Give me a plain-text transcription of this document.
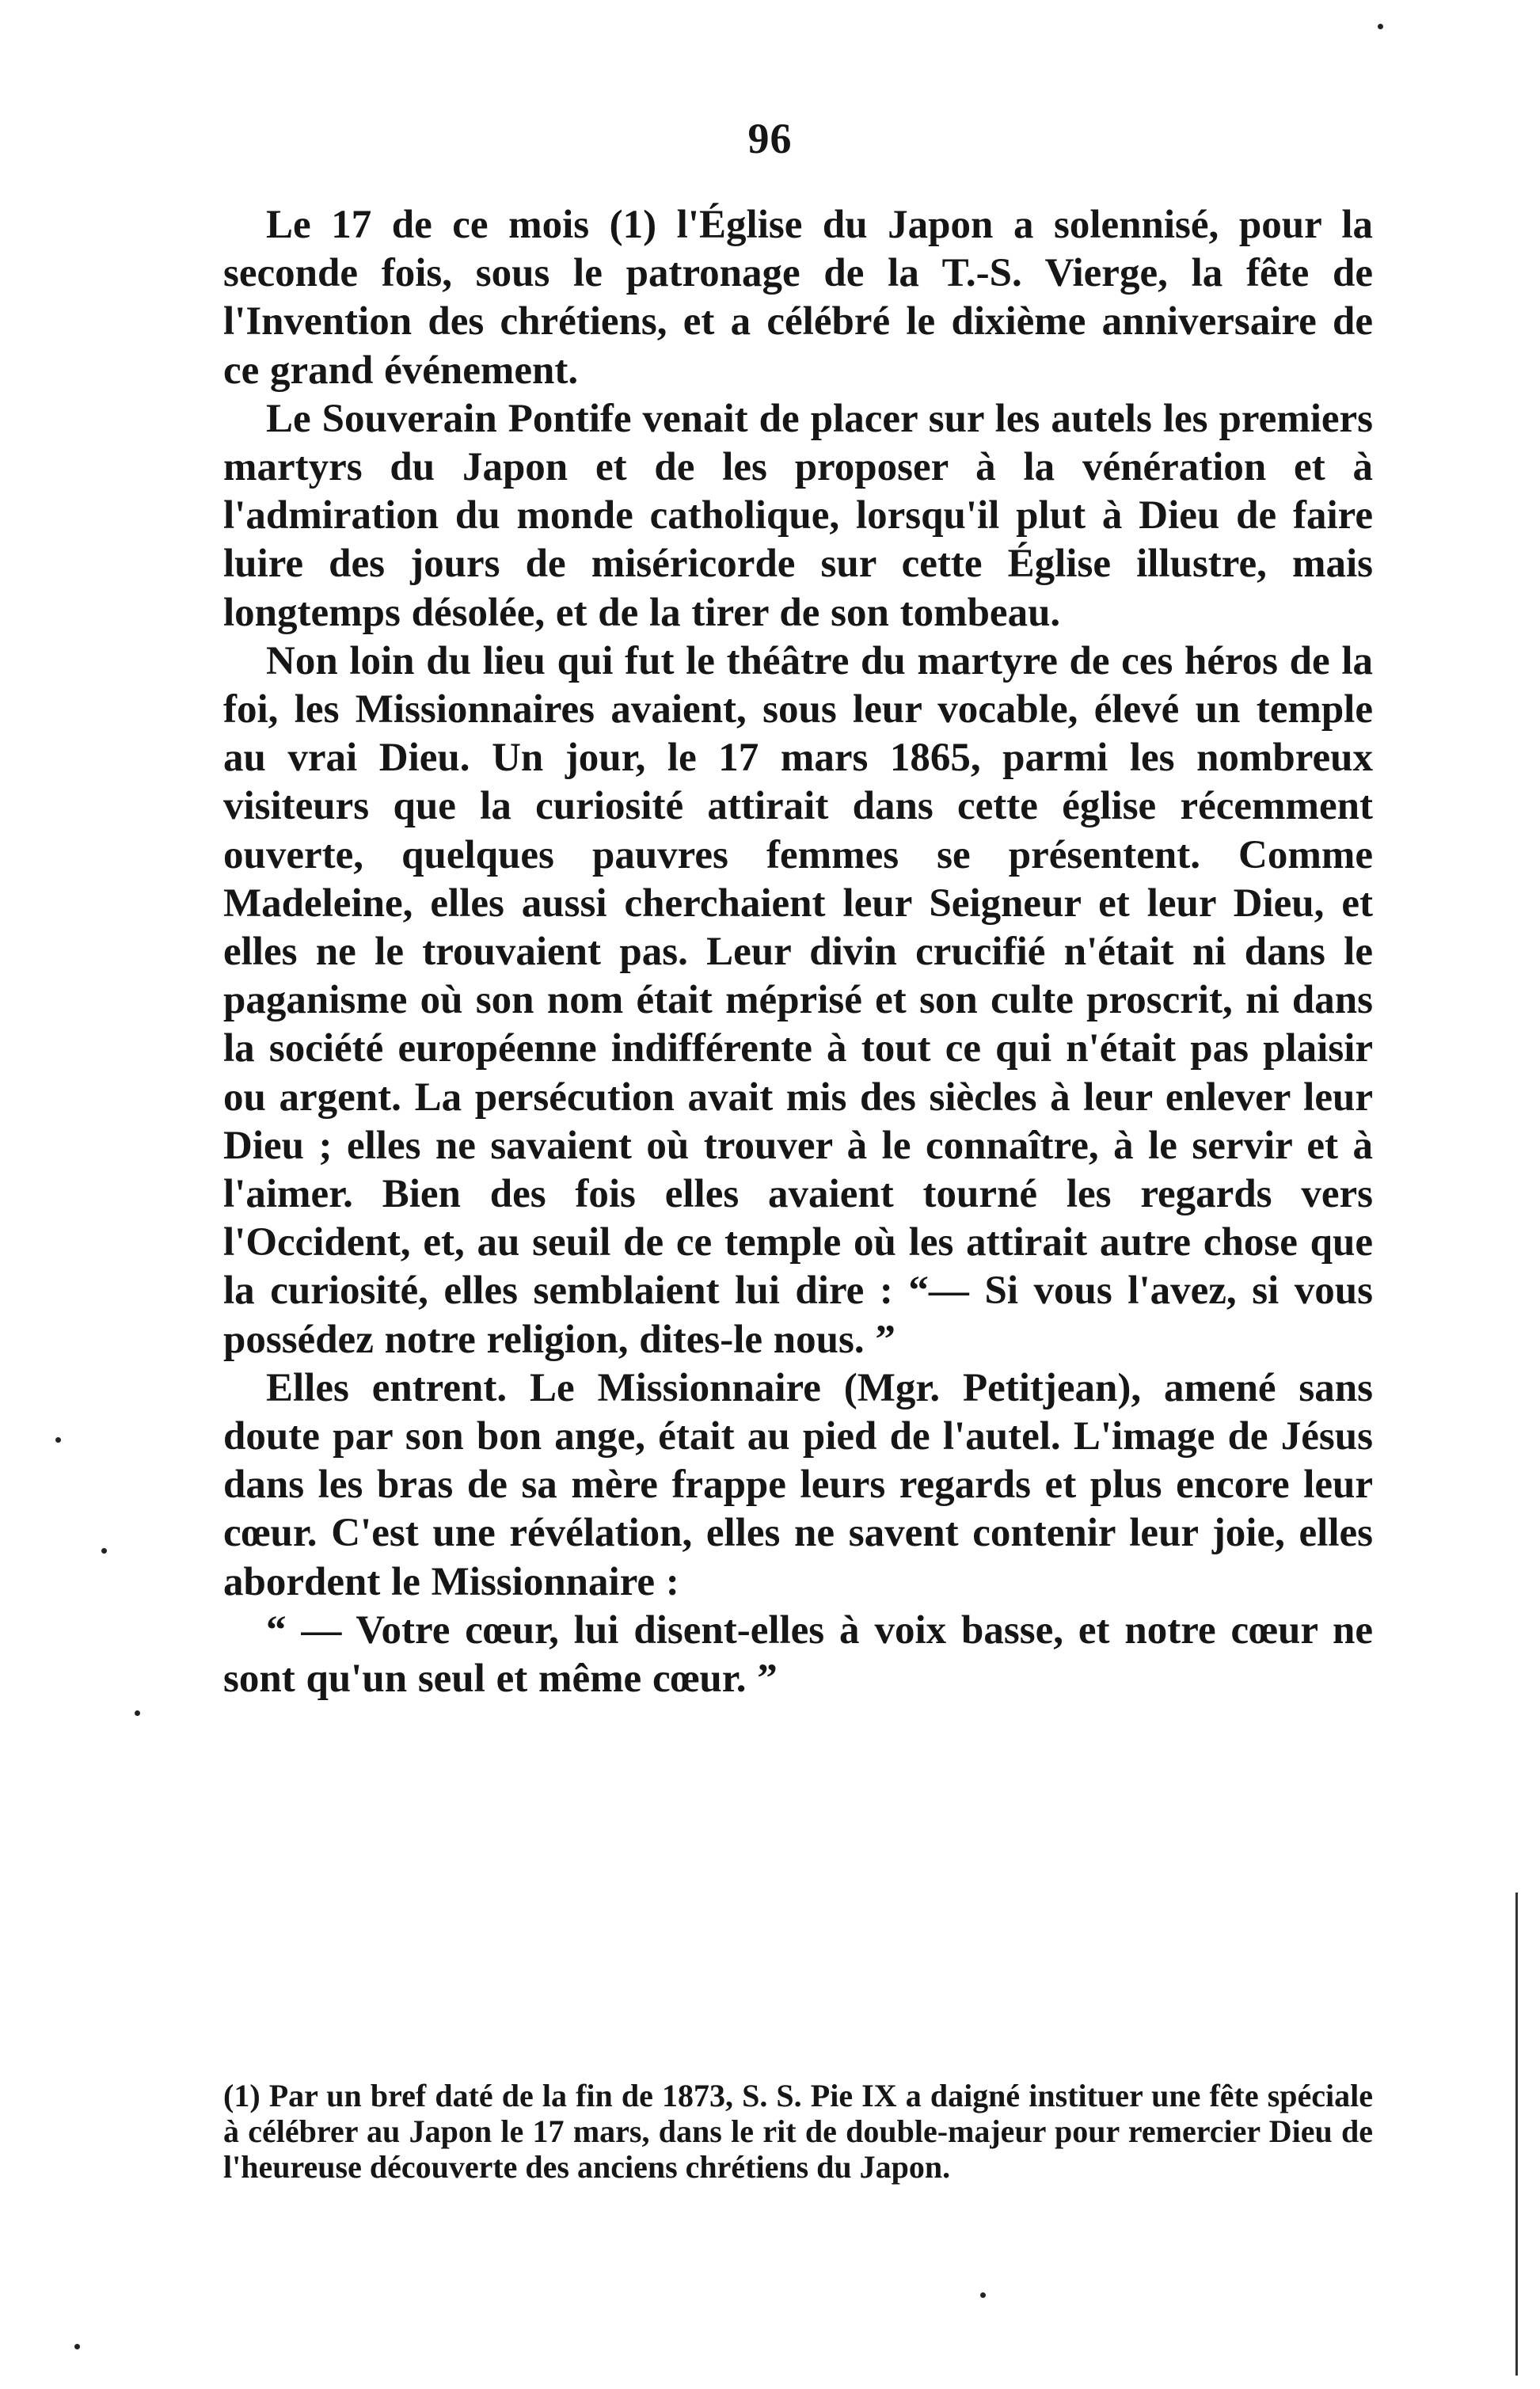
96

Le 17 de ce mois (1) l'Église du Japon a solennisé, pour la seconde fois, sous le patronage de la T.-S. Vierge, la fête de l'Invention des chrétiens, et a célébré le dixième anniversaire de ce grand événement.

Le Souverain Pontife venait de placer sur les autels les premiers martyrs du Japon et de les proposer à la vénération et à l'admiration du monde catholique, lorsqu'il plut à Dieu de faire luire des jours de miséricorde sur cette Église illustre, mais longtemps désolée, et de la tirer de son tombeau.

Non loin du lieu qui fut le théâtre du martyre de ces héros de la foi, les Missionnaires avaient, sous leur vocable, élevé un temple au vrai Dieu. Un jour, le 17 mars 1865, parmi les nombreux visiteurs que la curiosité attirait dans cette église récemment ouverte, quelques pauvres femmes se présentent. Comme Madeleine, elles aussi cherchaient leur Seigneur et leur Dieu, et elles ne le trouvaient pas. Leur divin crucifié n'était ni dans le paganisme où son nom était méprisé et son culte proscrit, ni dans la société européenne indifférente à tout ce qui n'était pas plaisir ou argent. La persécution avait mis des siècles à leur enlever leur Dieu ; elles ne savaient où trouver à le connaître, à le servir et à l'aimer. Bien des fois elles avaient tourné les regards vers l'Occident, et, au seuil de ce temple où les attirait autre chose que la curiosité, elles semblaient lui dire : “— Si vous l'avez, si vous possédez notre religion, dites-le nous. ”

Elles entrent. Le Missionnaire (Mgr. Petitjean), amené sans doute par son bon ange, était au pied de l'autel. L'image de Jésus dans les bras de sa mère frappe leurs regards et plus encore leur cœur. C'est une révélation, elles ne savent contenir leur joie, elles abordent le Missionnaire :

“ — Votre cœur, lui disent-elles à voix basse, et notre cœur ne sont qu'un seul et même cœur. ”

(1) Par un bref daté de la fin de 1873, S. S. Pie IX a daigné instituer une fête spéciale à célébrer au Japon le 17 mars, dans le rit de double-majeur pour remercier Dieu de l'heureuse découverte des anciens chrétiens du Japon.
